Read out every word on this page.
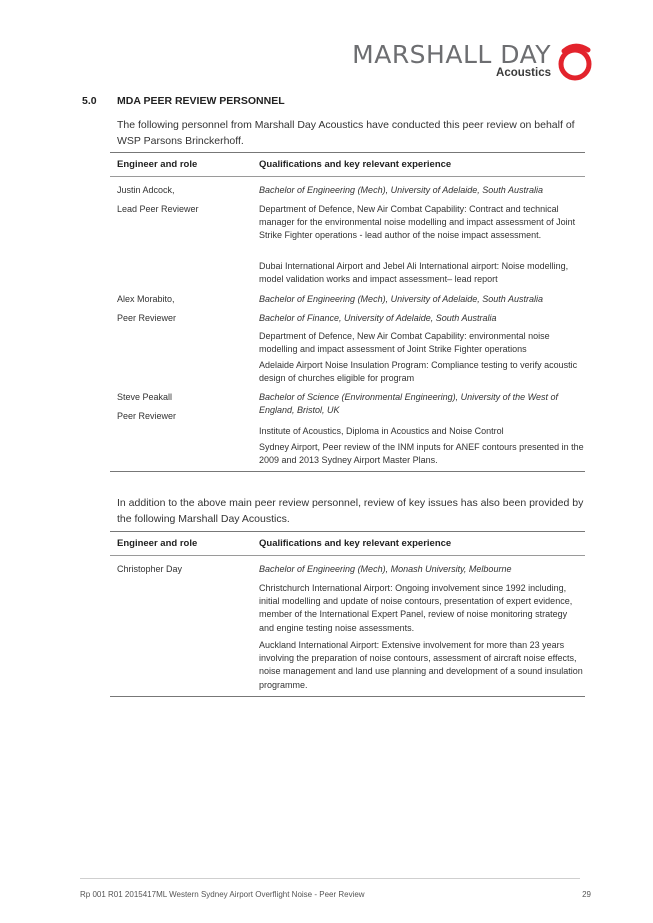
MARSHALL DAY
Acoustics
5.0 MDA PEER REVIEW PERSONNEL
The following personnel from Marshall Day Acoustics have conducted this peer review on behalf of WSP Parsons Brinckerhoff.
Engineer and role	Qualifications and key relevant experience
Justin Adcock,	Bachelor of Engineering (Mech), University of Adelaide, South Australia
Lead Peer Reviewer	Department of Defence, New Air Combat Capability: Contract and technical manager for the environmental noise modelling and impact assessment of Joint Strike Fighter operations - lead author of the noise impact assessment.
Dubai International Airport and Jebel Ali International airport: Noise modelling, model validation works and impact assessment– lead report
Alex Morabito,	Bachelor of Engineering (Mech), University of Adelaide, South Australia
Peer Reviewer	Bachelor of Finance, University of Adelaide, South Australia
Department of Defence, New Air Combat Capability: environmental noise modelling and impact assessment of Joint Strike Fighter operations
Adelaide Airport Noise Insulation Program: Compliance testing to verify acoustic design of churches eligible for program
Steve Peakall	Bachelor of Science (Environmental Engineering), University of the West of England, Bristol, UK
Peer Reviewer
Institute of Acoustics, Diploma in Acoustics and Noise Control
Sydney Airport, Peer review of the INM inputs for ANEF contours presented in the 2009 and 2013 Sydney Airport Master Plans.
In addition to the above main peer review personnel, review of key issues has also been provided by the following Marshall Day Acoustics.
Engineer and role	Qualifications and key relevant experience
Christopher Day	Bachelor of Engineering (Mech), Monash University, Melbourne
Christchurch International Airport: Ongoing involvement since 1992 including, initial modelling and update of noise contours, presentation of expert evidence, member of the International Expert Panel, review of noise monitoring strategy and engine testing noise assessments.
Auckland International Airport: Extensive involvement for more than 23 years involving the preparation of noise contours, assessment of aircraft noise effects, noise management and land use planning and development of a sound insulation programme.
Rp 001 R01 2015417ML Western Sydney Airport Overflight Noise - Peer Review	29
